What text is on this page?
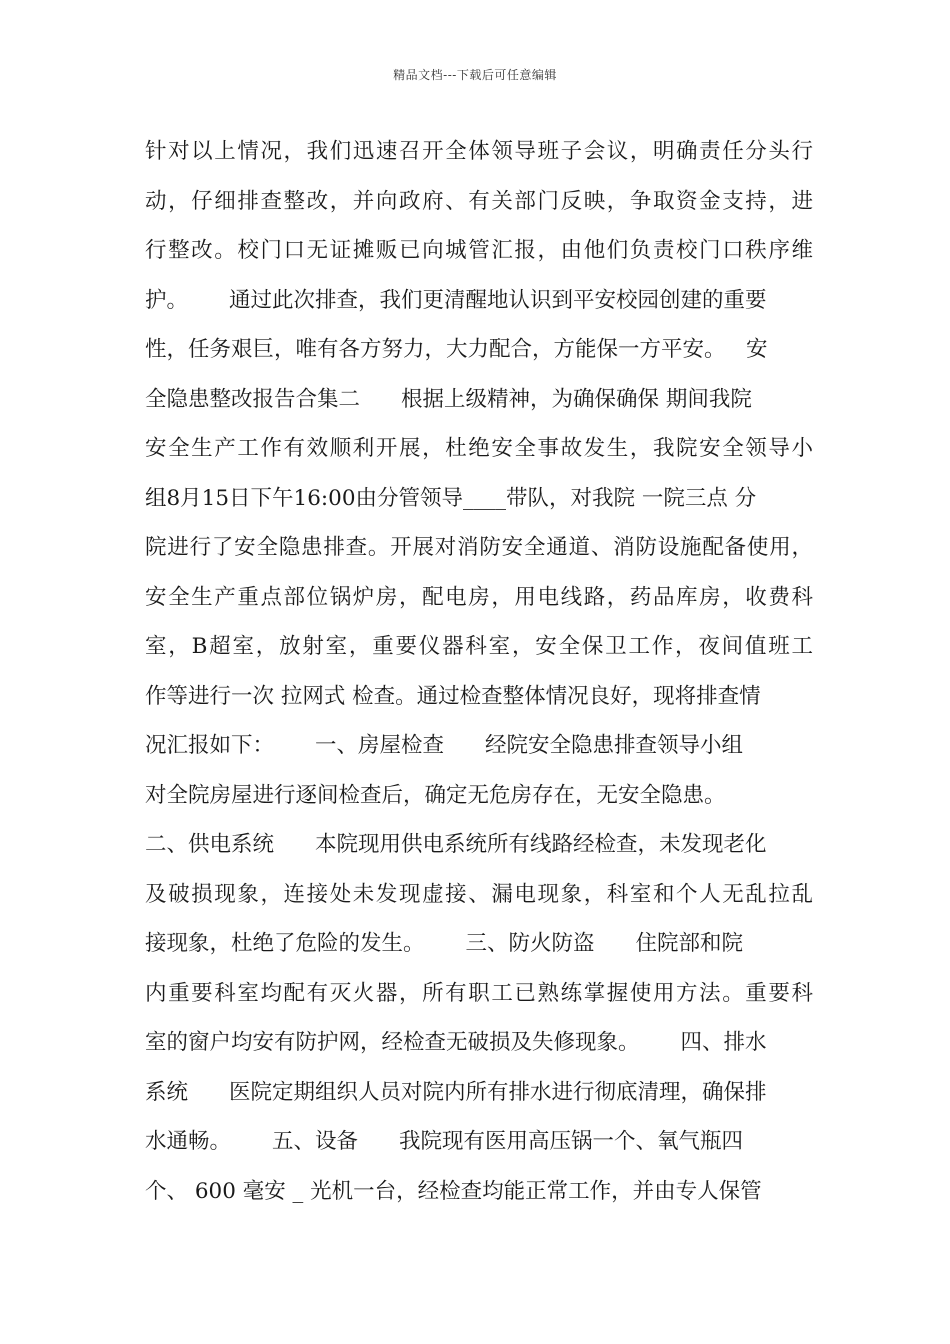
精品文档---下载后可任意编辑
针对以上情况，我们迅速召开全体领导班子会议，明确责任分头行
动，仔细排查整改，并向政府、有关部门反映，争取资金支持，进
行整改。校门口无证摊贩已向城管汇报，由他们负责校门口秩序维
护。      通过此次排查，我们更清醒地认识到平安校园创建的重要
性，任务艰巨，唯有各方努力，大力配合，方能保一方平安。   安
全隐患整改报告合集二      根据上级精神，为确保确保 期间我院
安全生产工作有效顺利开展，杜绝安全事故发生，我院安全领导小
组8月15日下午16:00由分管领导____带队，对我院 一院三点 分
院进行了安全隐患排查。开展对消防安全通道、消防设施配备使用，
安全生产重点部位锅炉房，配电房，用电线路，药品库房，收费科
室，B超室，放射室，重要仪器科室，安全保卫工作，夜间值班工
作等进行一次 拉网式 检查。通过检查整体情况良好，现将排查情
况汇报如下：      一、房屋检查      经院安全隐患排查领导小组
对全院房屋进行逐间检查后，确定无危房存在，无安全隐患。
二、供电系统      本院现用供电系统所有线路经检查，未发现老化
及破损现象，连接处未发现虚接、漏电现象，科室和个人无乱拉乱
接现象，杜绝了危险的发生。      三、防火防盗      住院部和院
内重要科室均配有灭火器，所有职工已熟练掌握使用方法。重要科
室的窗户均安有防护网，经检查无破损及失修现象。      四、排水
系统      医院定期组织人员对院内所有排水进行彻底清理，确保排
水通畅。      五、设备      我院现有医用高压锅一个、氧气瓶四
个、 600 毫安 _ 光机一台，经检查均能正常工作，并由专人保管
